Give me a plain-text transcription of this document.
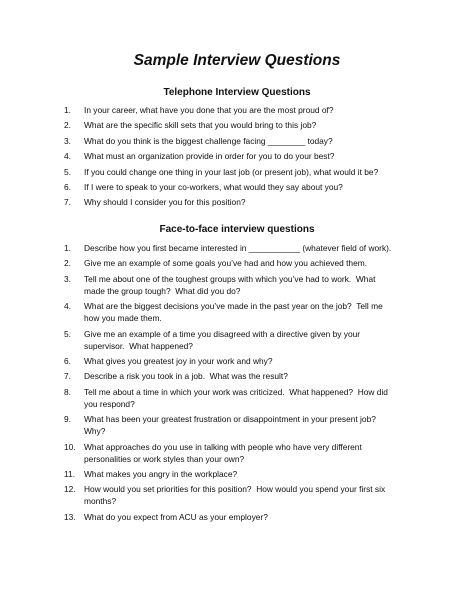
Sample Interview Questions
Telephone Interview Questions
1.	In your career, what have you done that you are the most proud of?
2.	What are the specific skill sets that you would bring to this job?
3.	What do you think is the biggest challenge facing ________ today?
4.	What must an organization provide in order for you to do your best?
5.	If you could change one thing in your last job (or present job), what would it be?
6.	If I were to speak to your co-workers, what would they say about you?
7.	Why should I consider you for this position?
Face-to-face interview questions
1.	Describe how you first became interested in ___________ (whatever field of work).
2.	Give me an example of some goals you’ve had and how you achieved them.
3.	Tell me about one of the toughest groups with which you’ve had to work.  What
made the group tough?  What did you do?
4.	What are the biggest decisions you’ve made in the past year on the job?  Tell me
how you made them.
5.	Give me an example of a time you disagreed with a directive given by your
supervisor.  What happened?
6.	What gives you greatest joy in your work and why?
7.	Describe a risk you took in a job.  What was the result?
8.	Tell me about a time in which your work was criticized.  What happened?  How did
you respond?
9.	What has been your greatest frustration or disappointment in your present job?
Why?
10. What approaches do you use in talking with people who have very different
personalities or work styles than your own?
11.	What makes you angry in the workplace?
12. How would you set priorities for this position?  How would you spend your first six
months?
13. What do you expect from ACU as your employer?
